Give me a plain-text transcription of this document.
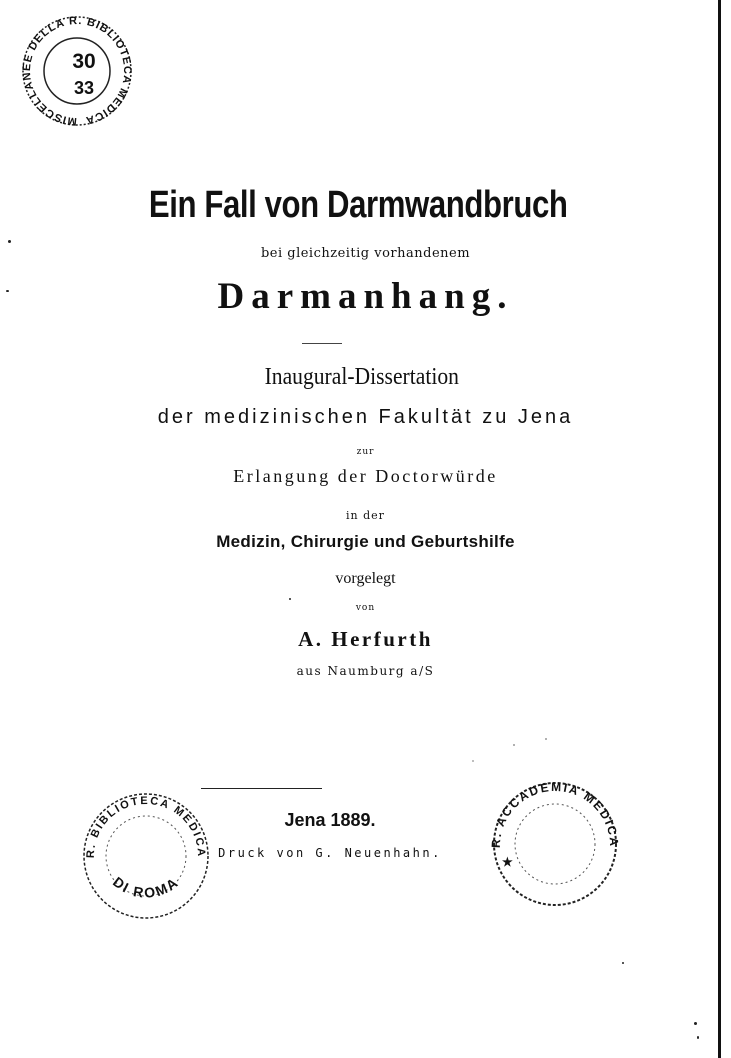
MISCELLANEE DELLA R. BIBLIOTECA MEDICA
30
33
Ein Fall von Darmwandbruch
bei gleichzeitig vorhandenem
Darmanhang.
Inaugural-Dissertation
der medizinischen Fakultät zu Jena
zur
Erlangung der Doctorwürde
in der
Medizin, Chirurgie und Geburtshilfe
vorgelegt
von
A. Herfurth
aus Naumburg a/S
Jena 1889.
Druck von G. Neuenhahn.
R. BIBLIOTECA MEDICA
DI ROMA
R. ACCADEMIA MEDICA
★
